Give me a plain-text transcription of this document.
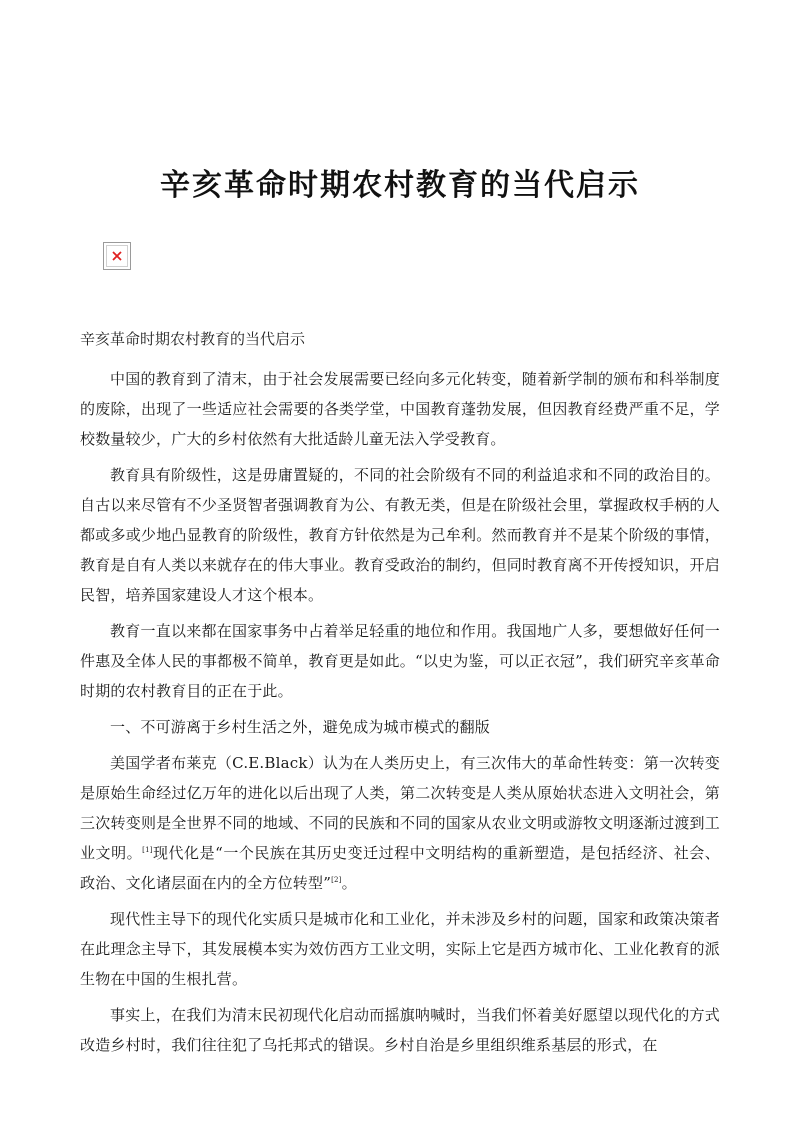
辛亥革命时期农村教育的当代启示

辛亥革命时期农村教育的当代启示

中国的教育到了清末，由于社会发展需要已经向多元化转变，随着新学制的颁布和科举制度的废除，出现了一些适应社会需要的各类学堂，中国教育蓬勃发展，但因教育经费严重不足，学校数量较少，广大的乡村依然有大批适龄儿童无法入学受教育。

教育具有阶级性，这是毋庸置疑的，不同的社会阶级有不同的利益追求和不同的政治目的。自古以来尽管有不少圣贤智者强调教育为公、有教无类，但是在阶级社会里，掌握政权手柄的人都或多或少地凸显教育的阶级性，教育方针依然是为己牟利。然而教育并不是某个阶级的事情，教育是自有人类以来就存在的伟大事业。教育受政治的制约，但同时教育离不开传授知识，开启民智，培养国家建设人才这个根本。

教育一直以来都在国家事务中占着举足轻重的地位和作用。我国地广人多，要想做好任何一件惠及全体人民的事都极不简单，教育更是如此。“以史为鉴，可以正衣冠”，我们研究辛亥革命时期的农村教育目的正在于此。

一、不可游离于乡村生活之外，避免成为城市模式的翻版

美国学者布莱克（C.E.Black）认为在人类历史上，有三次伟大的革命性转变：第一次转变是原始生命经过亿万年的进化以后出现了人类，第二次转变是人类从原始状态进入文明社会，第三次转变则是全世界不同的地域、不同的民族和不同的国家从农业文明或游牧文明逐渐过渡到工业文明。[1]现代化是“一个民族在其历史变迁过程中文明结构的重新塑造，是包括经济、社会、政治、文化诸层面在内的全方位转型”[2]。

现代性主导下的现代化实质只是城市化和工业化，并未涉及乡村的问题，国家和政策决策者在此理念主导下，其发展模本实为效仿西方工业文明，实际上它是西方城市化、工业化教育的派生物在中国的生根扎营。

事实上，在我们为清末民初现代化启动而摇旗呐喊时，当我们怀着美好愿望以现代化的方式改造乡村时，我们往往犯了乌托邦式的错误。乡村自治是乡里组织维系基层的形式，在
